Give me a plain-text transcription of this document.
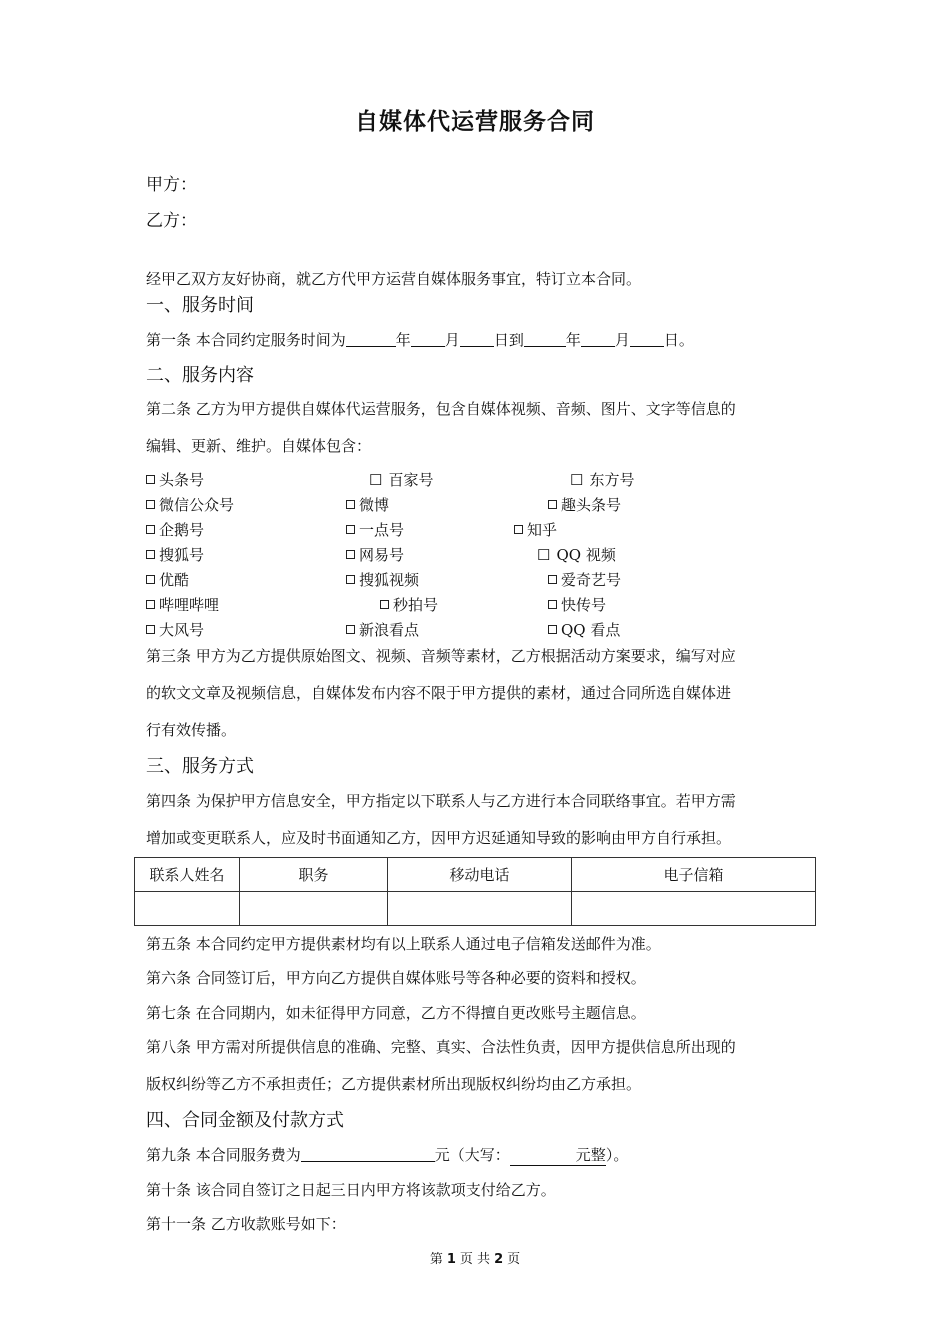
自媒体代运营服务合同
甲方：
乙方：
经甲乙双方友好协商，就乙方代甲方运营自媒体服务事宜，特订立本合同。
一、服务时间
第一条 本合同约定服务时间为	年 月 日到	年 月 日。
二、服务内容
第二条 乙方为甲方提供自媒体代运营服务，包含自媒体视频、音频、图片、文字等信息的
编辑、更新、维护。自媒体包含：
头条号	☐ 百家号	☐ 东方号
微信公众号	微博	趣头条号
企鹅号	一点号	知乎
搜狐号	网易号	☐ QQ 视频
优酷	搜狐视频	爱奇艺号
哔哩哔哩	秒拍号	快传号
大风号	新浪看点	QQ 看点
第三条 甲方为乙方提供原始图文、视频、音频等素材，乙方根据活动方案要求，编写对应
的软文文章及视频信息，自媒体发布内容不限于甲方提供的素材，通过合同所选自媒体进
行有效传播。
三、服务方式
第四条 为保护甲方信息安全，甲方指定以下联系人与乙方进行本合同联络事宜。若甲方需
增加或变更联系人，应及时书面通知乙方，因甲方迟延通知导致的影响由甲方自行承担。
联系人姓名	职务	移动电话	电子信箱

第五条 本合同约定甲方提供素材均有以上联系人通过电子信箱发送邮件为准。
第六条 合同签订后，甲方向乙方提供自媒体账号等各种必要的资料和授权。
第七条 在合同期内，如未征得甲方同意，乙方不得擅自更改账号主题信息。
第八条 甲方需对所提供信息的准确、完整、真实、合法性负责，因甲方提供信息所出现的
版权纠纷等乙方不承担责任；乙方提供素材所出现版权纠纷均由乙方承担。
四、合同金额及付款方式
第九条 本合同服务费为	元（大写：	元整）。
第十条 该合同自签订之日起三日内甲方将该款项支付给乙方。
第十一条 乙方收款账号如下：
第 1 页 共 2 页
